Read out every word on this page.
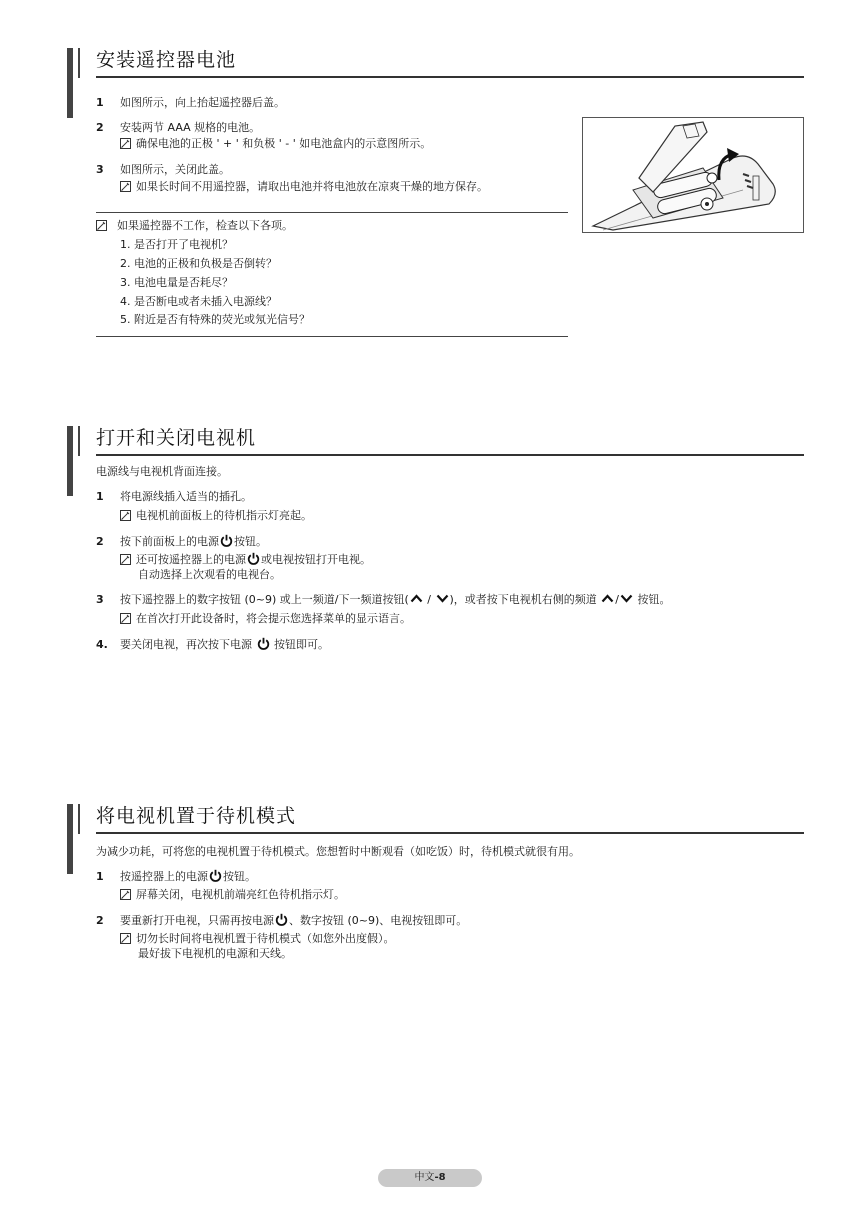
安装遥控器电池
1 如图所示，向上抬起遥控器后盖。
2 安装两节 AAA 规格的电池。
确保电池的正极 ' + ' 和负极 ' - ' 如电池盒内的示意图所示。
3 如图所示，关闭此盖。
如果长时间不用遥控器，请取出电池并将电池放在凉爽干燥的地方保存。
如果遥控器不工作，检查以下各项。
1. 是否打开了电视机？
2. 电池的正极和负极是否倒转？
3. 电池电量是否耗尽？
4. 是否断电或者未插入电源线？
5. 附近是否有特殊的荧光或氖光信号？
打开和关闭电视机
电源线与电视机背面连接。
1 将电源线插入适当的插孔。
电视机前面板上的待机指示灯亮起。
2 按下前面板上的电源 按钮。
还可按遥控器上的电源 或电视按钮打开电视。
自动选择上次观看的电视台。
3 按下遥控器上的数字按钮 (0~9) 或上一频道/下一频道按钮( / )，或者按下电视机右侧的频道 / 按钮。
在首次打开此设备时，将会提示您选择菜单的显示语言。
4. 要关闭电视，再次按下电源  按钮即可。
将电视机置于待机模式
为减少功耗，可将您的电视机置于待机模式。您想暂时中断观看（如吃饭）时，待机模式就很有用。
1 按遥控器上的电源 按钮。
屏幕关闭，电视机前端亮红色待机指示灯。
2 要重新打开电视，只需再按电源 、数字按钮 (0~9)、电视按钮即可。
切勿长时间将电视机置于待机模式（如您外出度假）。
最好拔下电视机的电源和天线。
中文-8
